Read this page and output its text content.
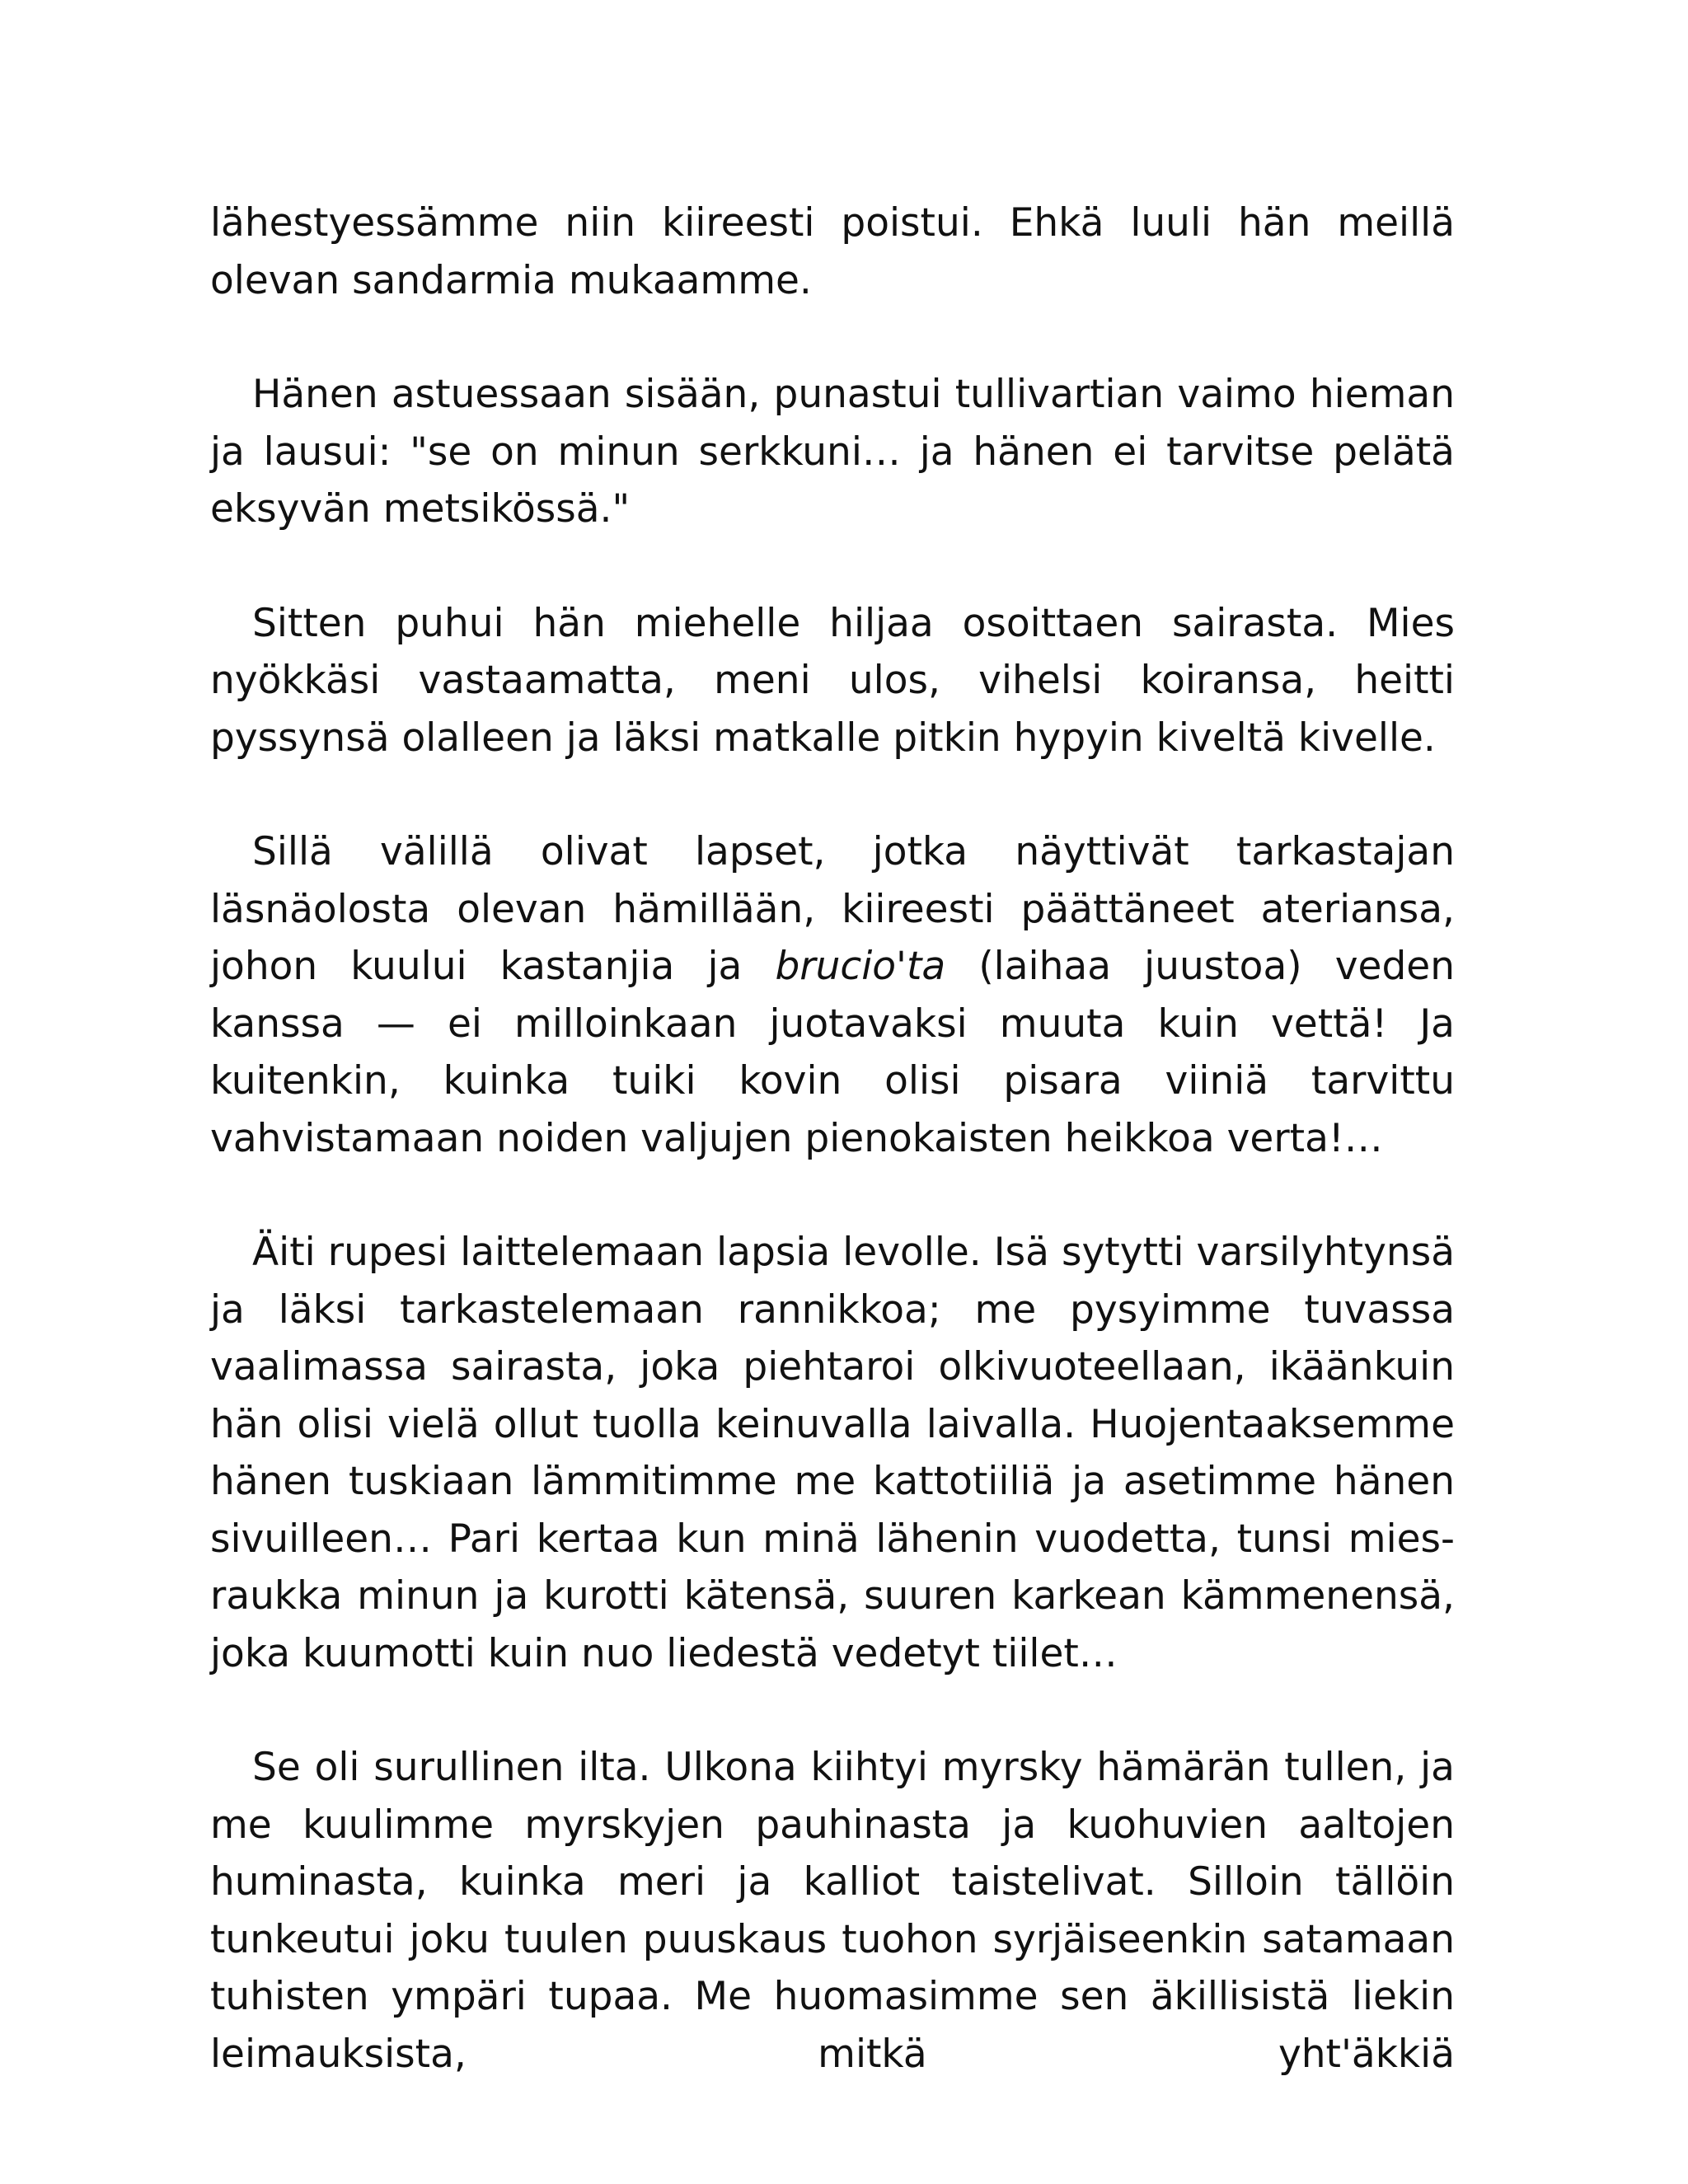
lähestyessämme niin kiireesti poistui. Ehkä luuli hän meillä olevan sandarmia mukaamme.

Hänen astuessaan sisään, punastui tullivartian vaimo hieman ja lausui: "se on minun serkkuni… ja hänen ei tarvitse pelätä eksyvän metsikössä."

Sitten puhui hän miehelle hiljaa osoittaen sairasta. Mies nyökkäsi vastaamatta, meni ulos, vihelsi koiransa, heitti pyssynsä olalleen ja läksi matkalle pitkin hypyin kiveltä kivelle.

Sillä välillä olivat lapset, jotka näyttivät tarkastajan läsnäolosta olevan hämillään, kiireesti päättäneet ateriansa, johon kuului kastanjia ja brucio'ta (laihaa juustoa) veden kanssa — ei milloinkaan juotavaksi muuta kuin vettä! Ja kuitenkin, kuinka tuiki kovin olisi pisara viiniä tarvittu vahvistamaan noiden valjujen pienokaisten heikkoa verta!…

Äiti rupesi laittelemaan lapsia levolle. Isä sytytti varsilyhtynsä ja läksi tarkastelemaan rannikkoa; me pysyimme tuvassa vaalimassa sairasta, joka piehtaroi olkivuoteellaan, ikäänkuin hän olisi vielä ollut tuolla keinuvalla laivalla. Huojentaaksemme hänen tuskiaan lämmitimme me kattotiiliä ja asetimme hänen sivuilleen… Pari kertaa kun minä lähenin vuodetta, tunsi mies-raukka minun ja kurotti kätensä, suuren karkean kämmenensä, joka kuumotti kuin nuo liedestä vedetyt tiilet…

Se oli surullinen ilta. Ulkona kiihtyi myrsky hämärän tullen, ja me kuulimme myrskyjen pauhinasta ja kuohuvien aaltojen huminasta, kuinka meri ja kalliot taistelivat. Silloin tällöin tunkeutui joku tuulen puuskaus tuohon syrjäiseenkin satamaan tuhisten ympäri tupaa. Me huomasimme sen äkillisistä liekin leimauksista, mitkä yht'äkkiä
